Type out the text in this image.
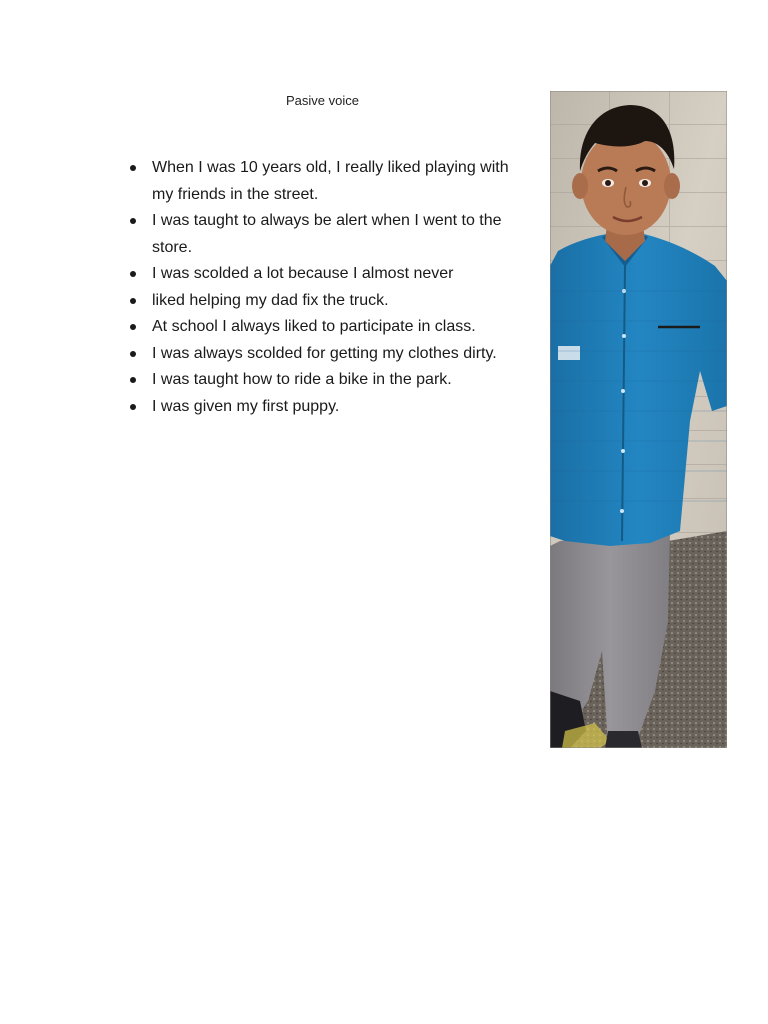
Pasive voice
When I was 10 years old, I really liked playing with my friends in the street.
I was taught to always be alert when I went to the store.
I was scolded a lot because I almost never
liked helping my dad fix the truck.
At school I always liked to participate in class.
I was always scolded for getting my clothes dirty.
I was taught how to ride a bike in the park.
I was given my first puppy.
